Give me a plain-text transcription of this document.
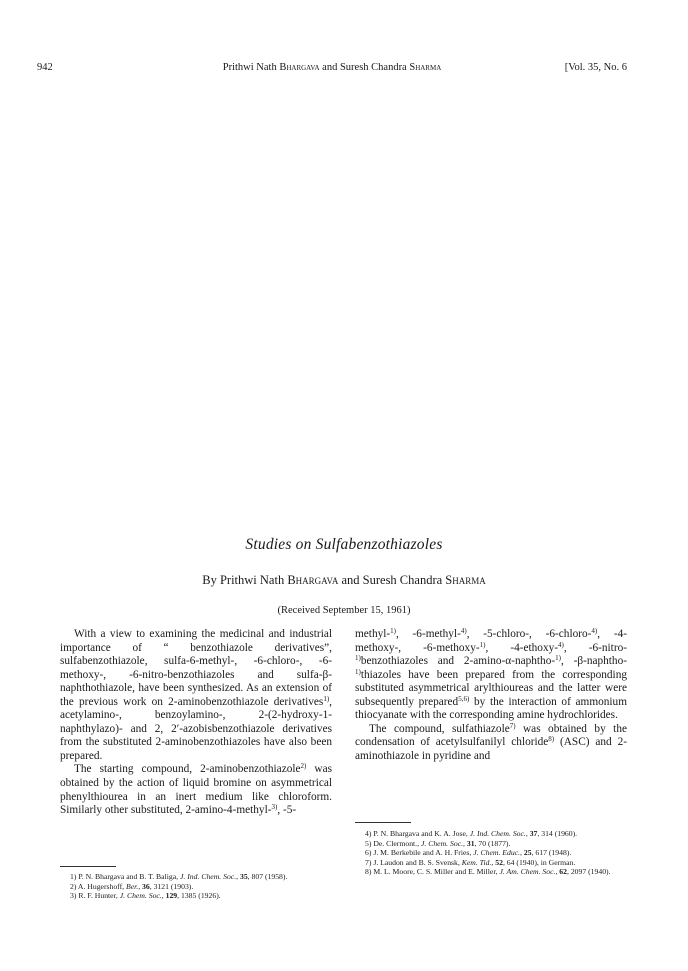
942	Prithwi Nath Bhargava and Suresh Chandra Sharma	[Vol. 35, No. 6
Studies on Sulfabenzothiazoles
By Prithwi Nath Bhargava and Suresh Chandra Sharma
(Received September 15, 1961)

With a view to examining the medicinal and industrial importance of “ benzothiazole derivatives”, sulfabenzothiazole, sulfa-6-methyl-, -6-chloro-, -6-methoxy-, -6-nitro-benzothiazoles and sulfa-β-naphthothiazole, have been synthesized. As an extension of the previous work on 2-aminobenzothiazole derivatives$^{1)}$, acetylamino-, benzoylamino-, 2-(2-hydroxy-1-naphthylazo)- and 2, 2′-azobisbenzothiazole derivatives from the substituted 2-aminobenzothiazoles have also been prepared.

The starting compound, 2-aminobenzothiazole$^{2)}$ was obtained by the action of liquid bromine on asymmetrical phenylthiourea in an inert medium like chloroform. Similarly other substituted, 2-amino-4-methyl-$^{3)}$, -5-

methyl-$^{1)}$, -6-methyl-$^{4)}$, -5-chloro-, -6-chloro-$^{4)}$, -4-methoxy-, -6-methoxy-$^{1)}$, -4-ethoxy-$^{4)}$, -6-nitro-$^{1)}$benzothiazoles and 2-amino-α-naphtho-$^{1)}$, -β-naphtho-$^{1)}$thiazoles have been prepared from the corresponding substituted asymmetrical arylthioureas and the latter were subsequently prepared$^{5,6)}$ by the interaction of ammonium thiocyanate with the corresponding amine hydrochlorides.

The compound, sulfathiazole$^{7)}$ was obtained by the condensation of acetylsulfanilyl chloride$^{8)}$ (ASC) and 2-aminothiazole in pyridine and

1) P. N. Bhargava and B. T. Baliga, J. Ind. Chem. Soc., 35, 807 (1958).
2) A. Hugershoff, Ber., 36, 3121 (1903).
3) R. F. Hunter, J. Chem. Soc., 129, 1385 (1926).
4) P. N. Bhargava and K. A. Jose, J. Ind. Chem. Soc., 37, 314 (1960).
5) De. Clermont., J. Chem. Soc., 31, 70 (1877).
6) J. M. Berkebile and A. H. Fries, J. Chem. Educ., 25, 617 (1948).
7) J. Laudon and B. S. Svensk, Kem. Tid., 52, 64 (1940), in German.
8) M. L. Moore, C. S. Miller and E. Miller, J. Am. Chem. Soc., 62, 2097 (1940).
